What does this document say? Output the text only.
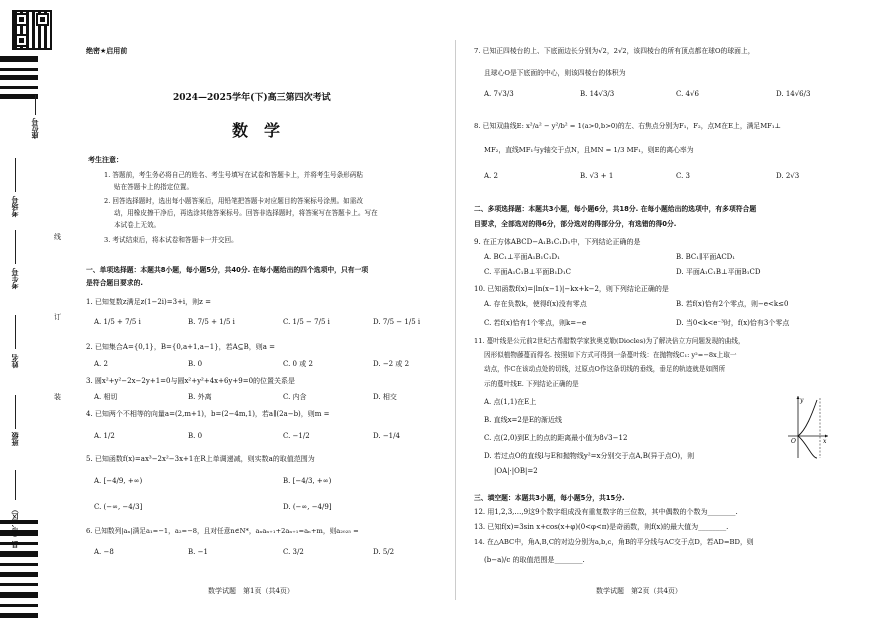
座位号
考场号
考生号
姓名
班级
县（市、区）
线
订
装
绝密★启用前
2024—2025学年(下)高三第四次考试
数　学
考生注意：
1. 答题前，考生务必将自己的姓名、考生号填写在试卷和答题卡上，并将考生号条形码粘
贴在答题卡上的指定位置。
2. 回答选择题时，选出每小题答案后，用铅笔把答题卡对应题目的答案标号涂黑。如需改
动，用橡皮擦干净后，再选涂其他答案标号。回答非选择题时，将答案写在答题卡上。写在
本试卷上无效。
3. 考试结束后，将本试卷和答题卡一并交回。
一、单项选择题：本题共8小题，每小题5分，共40分. 在每小题给出的四个选项中，只有一项
是符合题目要求的.
1. 已知复数z满足z(1−2i)=3+i，则z =
A. 1/5 + 7/5 i	B. 7/5 + 1/5 i	C. 1/5 − 7/5 i	D. 7/5 − 1/5 i
2. 已知集合A={0,1}，B={0,a+1,a−1}，若A⊆B，则a =
A. 2	B. 0	C. 0 或 2	D. −2 或 2
3. 圆x²+y²−2x−2y+1=0与圆x²+y²+4x+6y+9=0的位置关系是
A. 相切	B. 外离	C. 内含	D. 相交
4. 已知两个不相等的向量a=(2,m+1)，b=(2−4m,1)，若a∥(2a−b)，则m =
A. 1/2	B. 0	C. −1/2	D. −1/4
5. 已知函数f(x)=ax³−2x²−3x+1在R上单调递减，则实数a的取值范围为
A. [−4/9, +∞)	B. [−4/3, +∞)
C. (−∞, −4/3]	D. (−∞, −4/9]
6. 已知数列|aₙ|满足a₁=−1，a₂=−8，且对任意n∈N*，aₙaₙ₊₁+2aₙ₊₁=aₙ+m，则a₂₀₂₅ =
A. −8	B. −1	C. 3/2	D. 5/2
数学试题　第1页（共4页）
7. 已知正四棱台的上、下底面边长分别为√2，2√2，该四棱台的所有顶点都在球O的球面上，
且球心O是下底面的中心，则该四棱台的体积为
A. 7√3/3	B. 14√3/3	C. 4√6	D. 14√6/3
8. 已知双曲线E: x²/a² − y²/b² = 1(a>0,b>0)的左、右焦点分别为F₁，F₂，点M在E上，满足MF₁⊥
MF₂，直线MF₁与y轴交于点N，且MN = 1/3 MF₁，则E的离心率为
A. 2	B. √3 + 1	C. 3	D. 2√3
二、多项选择题：本题共3小题，每小题6分，共18分. 在每小题给出的选项中，有多项符合题
目要求，全部选对的得6分，部分选对的得部分分，有选错的得0分.
9. 在正方体ABCD−A₁B₁C₁D₁中，下列结论正确的是
A. BC₁⊥平面A₁B₁C₁D₁	B. BC₁∥平面ACD₁
C. 平面A₁C₁B⊥平面B₁D₁C	D. 平面A₁C₁B⊥平面B₁CD
10. 已知函数f(x)=|ln(x−1)|−kx+k−2，则下列结论正确的是
A. 存在负数k，使得f(x)没有零点	B. 若f(x)恰有2个零点，则−e<k≤0
C. 若f(x)恰有1个零点，则k=−e	D. 当0<k<e⁻³时，f(x)恰有3个零点
11. 蔓叶线是公元前2世纪古希腊数学家狄奥克勒(Diocles)为了解决倍立方问题发现的曲线，
因形似植物藤蔓而得名. 按照如下方式可得到一条蔓叶线：在抛物线C₁: y²=−8x上取一
动点，作C在该动点处的切线，过原点O作这条切线的垂线，垂足的轨迹就是如图所
示的蔓叶线E. 下列结论正确的是
A. 点(1,1)在E上
B. 直线x=2是E的渐近线
C. 点(2,0)到E上的点的距离最小值为8√3−12
D. 若过点O的直线l与E和抛物线y²=x分别交于点A,B(异于点O)，则
|OA|·|OB|=2
y
O	x
三、填空题：本题共3小题，每小题5分，共15分.
12. 用1,2,3,…,9这9个数字组成没有重复数字的三位数，其中偶数的个数为________.
13. 已知f(x)=3sin x+cos(x+φ)(0<φ<π)是奇函数，则f(x)的最大值为________.
14. 在△ABC中，角A,B,C的对边分别为a,b,c，角B的平分线与AC交于点D，若AD=BD，则
(b−a)/c 的取值范围是________.
数学试题　第2页（共4页）
